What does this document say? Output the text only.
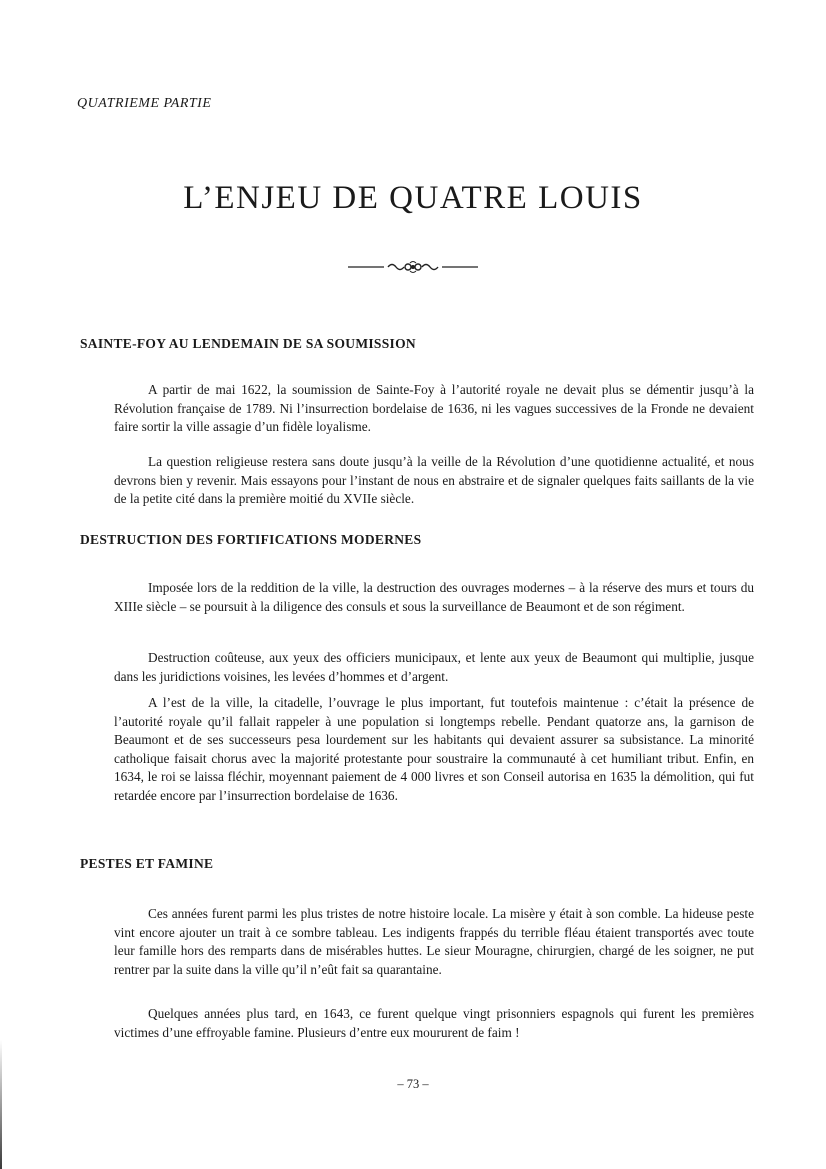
QUATRIEME PARTIE

L’ENJEU DE QUATRE LOUIS
SAINTE-FOY AU LENDEMAIN DE SA SOUMISSION

A partir de mai 1622, la soumission de Sainte-Foy à l’autorité royale ne devait plus se démentir jusqu’à la Révolution française de 1789. Ni l’insurrection bordelaise de 1636, ni les vagues successives de la Fronde ne devaient faire sortir la ville assagie d’un fidèle loyalisme.

La question religieuse restera sans doute jusqu’à la veille de la Révolution d’une quotidienne actualité, et nous devrons bien y revenir. Mais essayons pour l’instant de nous en abstraire et de signaler quelques faits saillants de la vie de la petite cité dans la première moitié du XVIIe siècle.

DESTRUCTION DES FORTIFICATIONS MODERNES

Imposée lors de la reddition de la ville, la destruction des ouvrages modernes – à la réserve des murs et tours du XIIIe siècle – se poursuit à la diligence des consuls et sous la surveillance de Beaumont et de son régiment.

Destruction coûteuse, aux yeux des officiers municipaux, et lente aux yeux de Beaumont qui multiplie, jusque dans les juridictions voisines, les levées d’hommes et d’argent.

A l’est de la ville, la citadelle, l’ouvrage le plus important, fut toutefois maintenue : c’était la présence de l’autorité royale qu’il fallait rappeler à une population si longtemps rebelle. Pendant quatorze ans, la garnison de Beaumont et de ses successeurs pesa lourdement sur les habitants qui devaient assurer sa subsistance. La minorité catholique faisait chorus avec la majorité protestante pour soustraire la communauté à cet humiliant tribut. Enfin, en 1634, le roi se laissa fléchir, moyennant paiement de 4 000 livres et son Conseil autorisa en 1635 la démolition, qui fut retardée encore par l’insurrection bordelaise de 1636.

PESTES ET FAMINE

Ces années furent parmi les plus tristes de notre histoire locale. La misère y était à son comble. La hideuse peste vint encore ajouter un trait à ce sombre tableau. Les indigents frappés du terrible fléau étaient transportés avec toute leur famille hors des remparts dans de misérables huttes. Le sieur Mouragne, chirurgien, chargé de les soigner, ne put rentrer par la suite dans la ville qu’il n’eût fait sa quarantaine.

Quelques années plus tard, en 1643, ce furent quelque vingt prisonniers espagnols qui furent les premières victimes d’une effroyable famine. Plusieurs d’entre eux moururent de faim !

– 73 –
